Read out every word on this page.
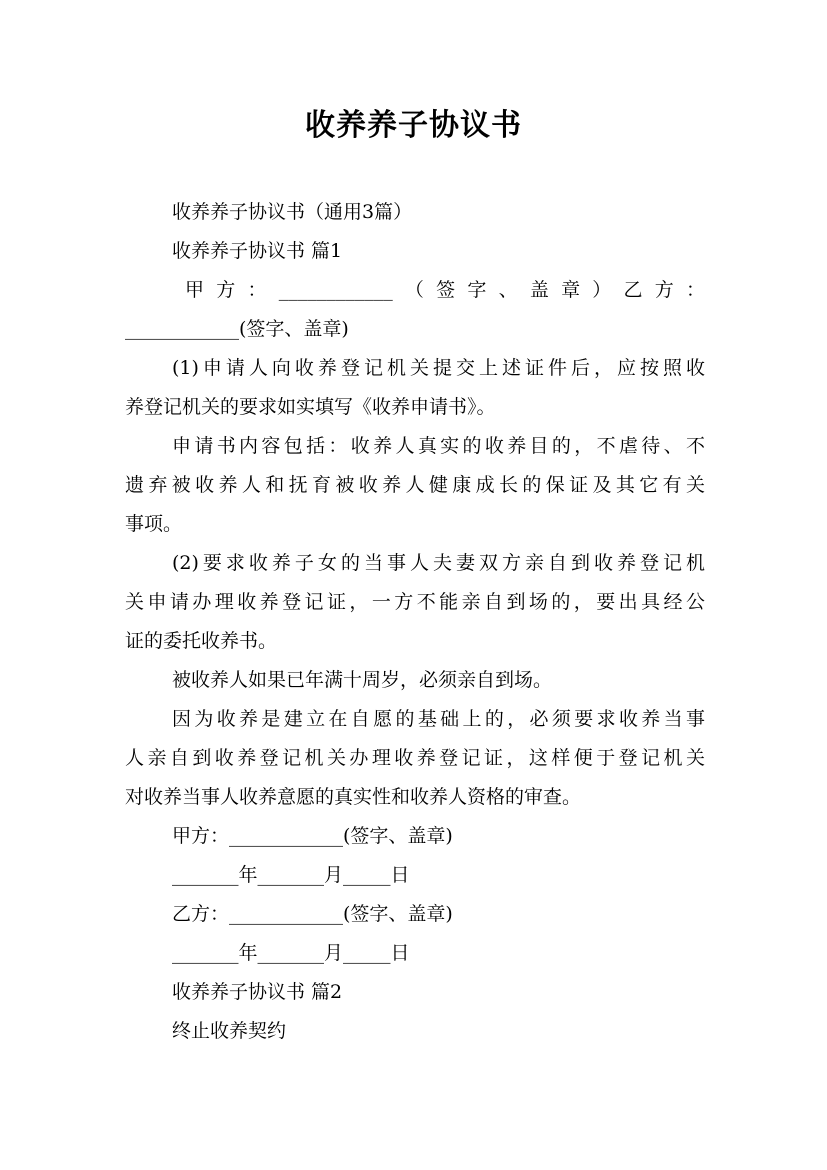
收养养子协议书
收养养子协议书（通用3篇）
收养养子协议书 篇1
甲方：____________（签字、盖章）乙方：
____________(签字、盖章)
(1)申请人向收养登记机关提交上述证件后，应按照收
养登记机关的要求如实填写《收养申请书》。
申请书内容包括：收养人真实的收养目的，不虐待、不
遗弃被收养人和抚育被收养人健康成长的保证及其它有关
事项。
(2)要求收养子女的当事人夫妻双方亲自到收养登记机
关申请办理收养登记证，一方不能亲自到场的，要出具经公
证的委托收养书。
被收养人如果已年满十周岁，必须亲自到场。
因为收养是建立在自愿的基础上的，必须要求收养当事
人亲自到收养登记机关办理收养登记证，这样便于登记机关
对收养当事人收养意愿的真实性和收养人资格的审查。
甲方：____________(签字、盖章)
_______年_______月_____日
乙方：____________(签字、盖章)
_______年_______月_____日
收养养子协议书 篇2
终止收养契约
